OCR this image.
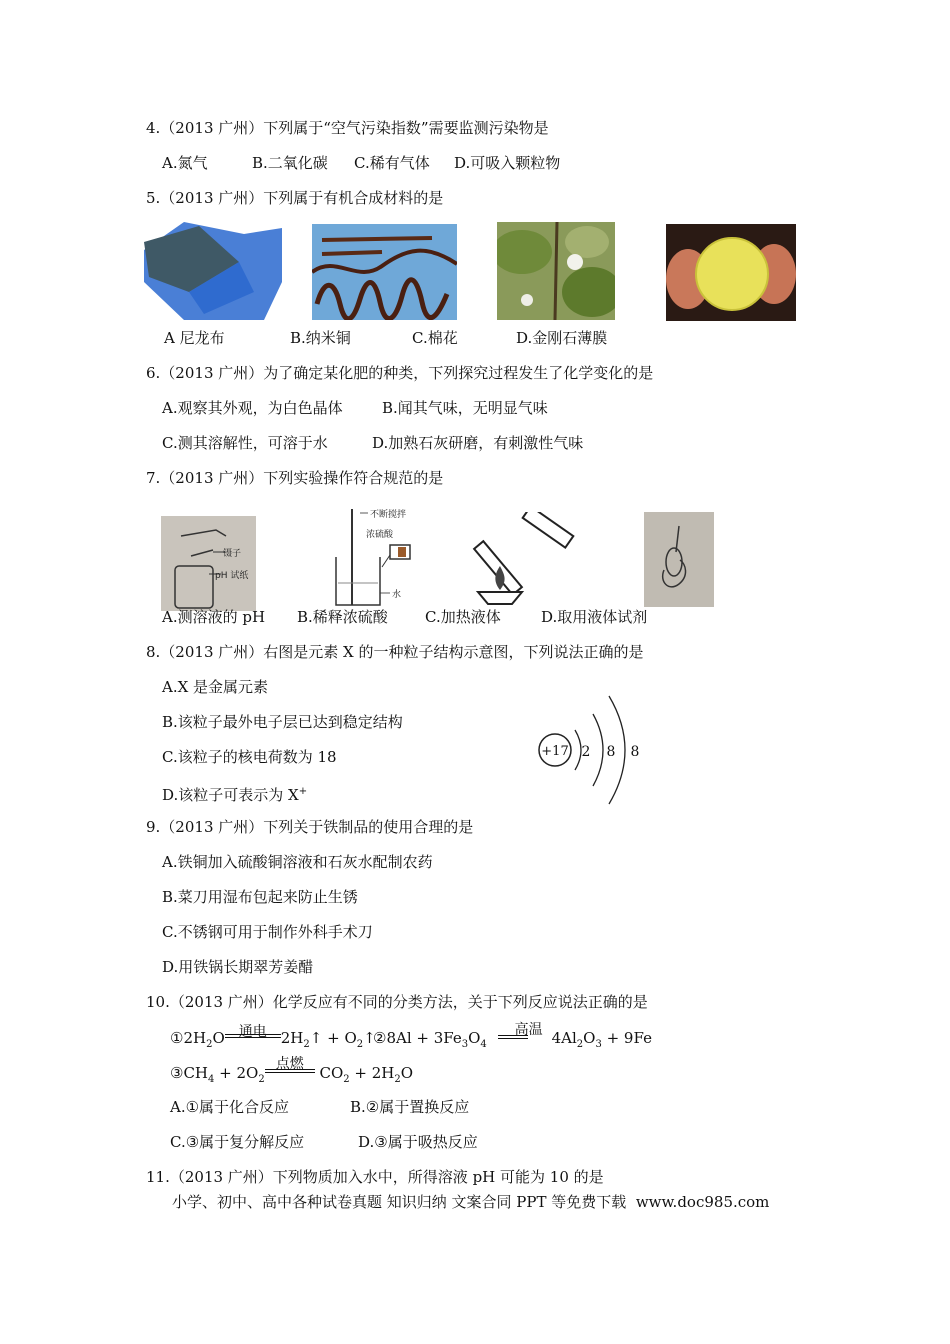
4.（2013 广州）下列属于“空气污染指数”需要监测污染物是
A.氮气	B.二氧化碳 C.稀有气体 D.可吸入颗粒物
5.（2013 广州）下列属于有机合成材料的是
A 尼龙布	B.纳米铜	C.棉花	D.金刚石薄膜
6.（2013 广州）为了确定某化肥的种类，下列探究过程发生了化学变化的是
A.观察其外观，为白色晶体	B.闻其气味，无明显气味
C.测其溶解性，可溶于水	D.加熟石灰研磨，有刺激性气味
7.（2013 广州）下列实验操作符合规范的是
镊子
pH 试纸
不断搅拌
浓硫酸
水
A.测溶液的 pH B.稀释浓硫酸 C.加热液体	D.取用液体试剂
8.（2013 广州）右图是元素 X 的一种粒子结构示意图，下列说法正确的是
A.X 是金属元素
B.该粒子最外电子层已达到稳定结构
C.该粒子的核电荷数为 18
D.该粒子可表示为 X+
+17 2 8 8
9.（2013 广州）下列关于铁制品的使用合理的是
A.铁铜加入硫酸铜溶液和石灰水配制农药
B.菜刀用湿布包起来防止生锈
C.不锈钢可用于制作外科手术刀
D.用铁锅长期翠芳姜醋
10.（2013 广州）化学反应有不同的分类方法，关于下列反应说法正确的是
$①2H_2O$	通电 $2H_2↑$ + $O_2↑$
②8Al + $3Fe_3O_4$
高温 $4Al_2O_3 + 9Fe$
$③CH_4 + 2O_2$
点燃 $CO_2 + 2H_2O$
A.①属于化合反应	B.②属于置换反应
C.③属于复分解反应	D.③属于吸热反应
11.（2013 广州）下列物质加入水中，所得溶液 pH 可能为 10 的是
小学、初中、高中各种试卷真题 知识归纳 文案合同 PPT 等免费下载 www.doc985.com
